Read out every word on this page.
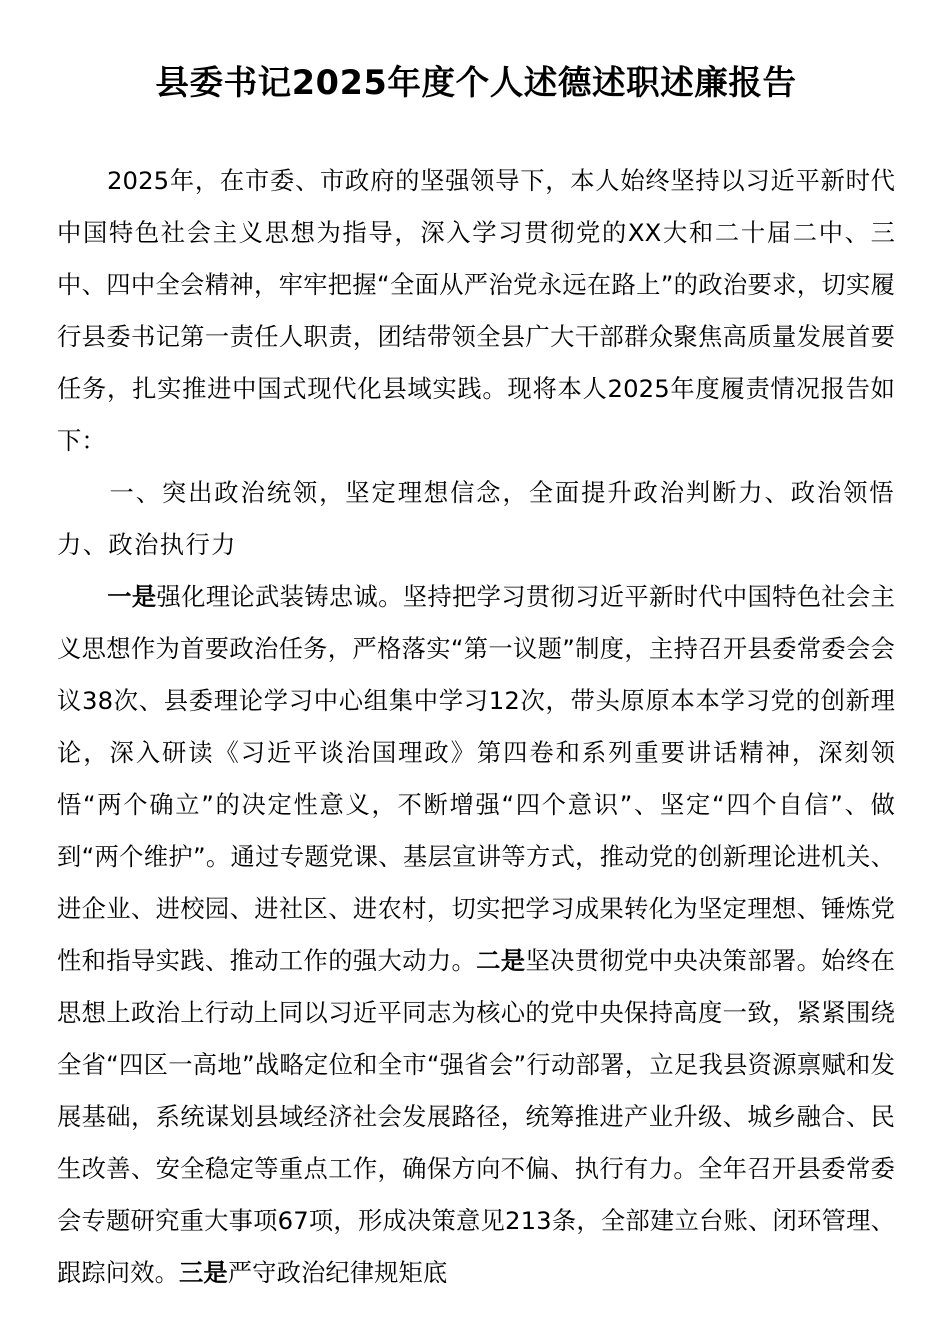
县委书记2025年度个人述德述职述廉报告

2025年，在市委、市政府的坚强领导下，本人始终坚持以习近平新时代中国特色社会主义思想为指导，深入学习贯彻党的XX大和二十届二中、三中、四中全会精神，牢牢把握“全面从严治党永远在路上”的政治要求，切实履行县委书记第一责任人职责，团结带领全县广大干部群众聚焦高质量发展首要任务，扎实推进中国式现代化县域实践。现将本人2025年度履责情况报告如下：

一、突出政治统领，坚定理想信念，全面提升政治判断力、政治领悟力、政治执行力

一是强化理论武装铸忠诚。坚持把学习贯彻习近平新时代中国特色社会主义思想作为首要政治任务，严格落实“第一议题”制度，主持召开县委常委会会议38次、县委理论学习中心组集中学习12次，带头原原本本学习党的创新理论，深入研读《习近平谈治国理政》第四卷和系列重要讲话精神，深刻领悟“两个确立”的决定性意义，不断增强“四个意识”、坚定“四个自信”、做到“两个维护”。通过专题党课、基层宣讲等方式，推动党的创新理论进机关、进企业、进校园、进社区、进农村，切实把学习成果转化为坚定理想、锤炼党性和指导实践、推动工作的强大动力。二是坚决贯彻党中央决策部署。始终在思想上政治上行动上同以习近平同志为核心的党中央保持高度一致，紧紧围绕全省“四区一高地”战略定位和全市“强省会”行动部署，立足我县资源禀赋和发展基础，系统谋划县域经济社会发展路径，统筹推进产业升级、城乡融合、民生改善、安全稳定等重点工作，确保方向不偏、执行有力。全年召开县委常委会专题研究重大事项67项，形成决策意见213条，全部建立台账、闭环管理、跟踪问效。三是严守政治纪律规矩底
